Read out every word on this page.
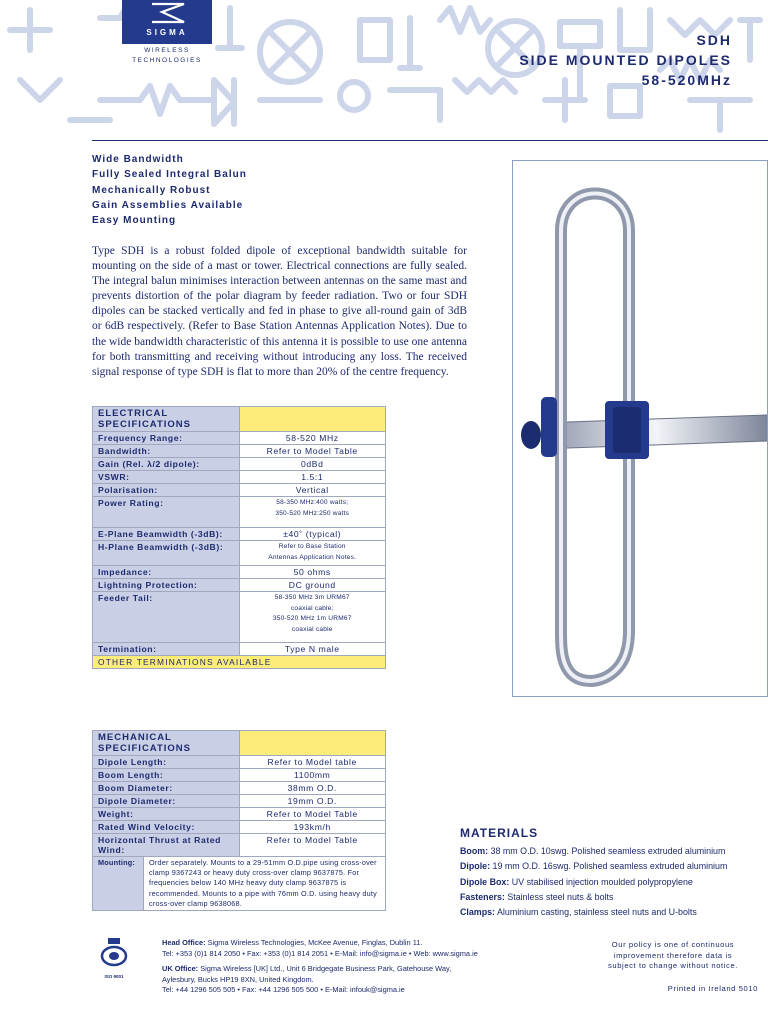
SIGMA
WIRELESS
TECHNOLOGIES
SDH
SIDE MOUNTED DIPOLES
58-520MHz
Wide Bandwidth
Fully Sealed Integral Balun
Mechanically Robust
Gain Assemblies Available
Easy Mounting
Type SDH is a robust folded dipole of exceptional bandwidth suitable for mounting on the side of a mast or tower. Electrical connections are fully sealed. The integral balun minimises interaction between antennas on the same mast and prevents distortion of the polar diagram by feeder radiation. Two or four SDH dipoles can be stacked vertically and fed in phase to give all-round gain of 3dB or 6dB respectively. (Refer to Base Station Antennas Application Notes). Due to the wide bandwidth characteristic of this antenna it is possible to use one antenna for both transmitting and receiving without introducing any loss. The received signal response of type SDH is flat to more than 20% of the centre frequency.
ELECTRICAL SPECIFICATIONS	
Frequency Range:	58-520 MHz
Bandwidth:	Refer to Model Table
Gain (Rel. λ/2 dipole):	0dBd
VSWR:	1.5:1
Polarisation:	Vertical
Power Rating:	58-350 MHz:400 watts;
350-520 MHz:250 watts

E-Plane Beamwidth (-3dB):	±40˚ (typical)
H-Plane Beamwidth (-3dB):	Refer to Base Station
Antennas Application Notes.

Impedance:	50 ohms
Lightning Protection:	DC ground
Feeder Tail:	58-350 MHz 3m URM67
coaxial cable;
350-520 MHz 1m URM67
coaxial cable

Termination:	Type N male
OTHER TERMINATIONS AVAILABLE	
MECHANICAL SPECIFICATIONS	
Dipole Length:	Refer to Model table
Boom Length:	1100mm
Boom Diameter:	38mm O.D.
Dipole Diameter:	19mm O.D.
Weight:	Refer to Model Table
Rated Wind Velocity:	193km/h
Horizontal Thrust at Rated Wind:	Refer to Model Table

Mounting:	Order separately. Mounts to a 29-51mm O.D.pipe using cross-over clamp 9367243 or heavy duty cross-over clamp 9637875. For frequencies below 140 MHz heavy duty clamp 9637875 is recommended. Mounts to a pipe with 76mm O.D. using heavy duty cross-over clamp 9638068.
MATERIALS
Boom: 38 mm O.D. 10swg. Polished seamless extruded aluminium
Dipole: 19 mm O.D. 16swg. Polished seamless extruded aluminium
Dipole Box: UV stabilised injection moulded polypropylene
Fasteners: Stainless steel nuts & bolts
Clamps: Aluminium casting, stainless steel nuts and U-bolts
ISO 9001
Head Office: Sigma Wireless Technologies, McKee Avenue, Finglas, Dublin 11.
Tel: +353 (0)1 814 2050 • Fax: +353 (0)1 814 2051 • E-Mail: info@sigma.ie • Web: www.sigma.ie
UK Office: Sigma Wireless [UK] Ltd., Unit 6 Bridgegate Business Park, Gatehouse Way,
Aylesbury, Bucks HP19 8XN, United Kingdom.
Tel: +44 1296 505 505 • Fax: +44 1296 505 500 • E-Mail: infouk@sigma.ie
Our policy is one of continuous
improvement therefore data is
subject to change without notice.
Printed in Ireland 5010
